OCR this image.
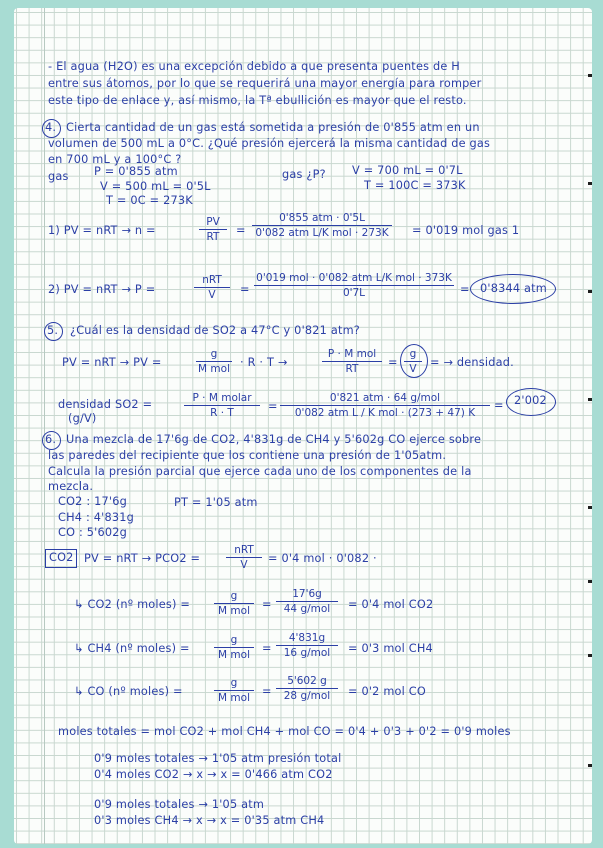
- El agua (H2O) es una excepción debido a que presenta puentes de H
entre sus átomos, por lo que se requerirá una mayor energía para romper
este tipo de enlace y, así mismo, la Tª ebullición es mayor que el resto.
4. Cierta cantidad de un gas está sometida a presión de 0'855 atm en un
volumen de 500 mL a 0°C. ¿Qué presión ejercerá la misma cantidad de gas
en 700 mL y a 100°C ?
gas P = 0'855 atm
V = 500 mL = 0'5L
T = 0C = 273K
gas ¿P? V = 700 mL = 0'7L
T = 100C = 373K
1) PV = nRT → n =
PV
RT	=
0'855 atm · 0'5L
0'082 atm L/K mol · 273K	= 0'019 mol gas 1
2) PV = nRT → P =
nRT
V	=
0'019 mol · 0'082 atm L/K mol · 373K
0'7L	= 0'8344 atm
5. ¿Cuál es la densidad de SO2 a 47°C y 0'821 atm?
PV = nRT → PV =
g
M mol · R · T →
P · M mol
RT	=
g
V	= → densidad.
densidad SO2 =
(g/V)
P · M molar
R · T	=
0'821 atm · 64 g/mol
0'082 atm L / K mol · (273 + 47) K
= 2'002
6. Una mezcla de 17'6g de CO2, 4'831g de CH4 y 5'602g CO ejerce sobre
las paredes del recipiente que los contiene una presión de 1'05atm.
Calcula la presión parcial que ejerce cada uno de los componentes de la
mezcla.
CO2 : 17'6g
CH4 : 4'831g
CO : 5'602g
PT = 1'05 atm
CO2 PV = nRT → PCO2 =
nRT
V	= 0'4 mol · 0'082 ·
↳ CO2 (nº moles) =
g
M mol	=
17'6g
44 g/mol	= 0'4 mol CO2
↳ CH4 (nº moles) =
g
M mol	=
4'831g
16 g/mol	= 0'3 mol CH4
↳ CO (nº moles) =
g
M mol	=
5'602 g
28 g/mol	= 0'2 mol CO
moles totales = mol CO2 + mol CH4 + mol CO = 0'4 + 0'3 + 0'2 = 0'9 moles
0'9 moles totales → 1'05 atm presión total
0'4 moles CO2 → x → x = 0'466 atm CO2
0'9 moles totales → 1'05 atm
0'3 moles CH4 → x → x = 0'35 atm CH4
